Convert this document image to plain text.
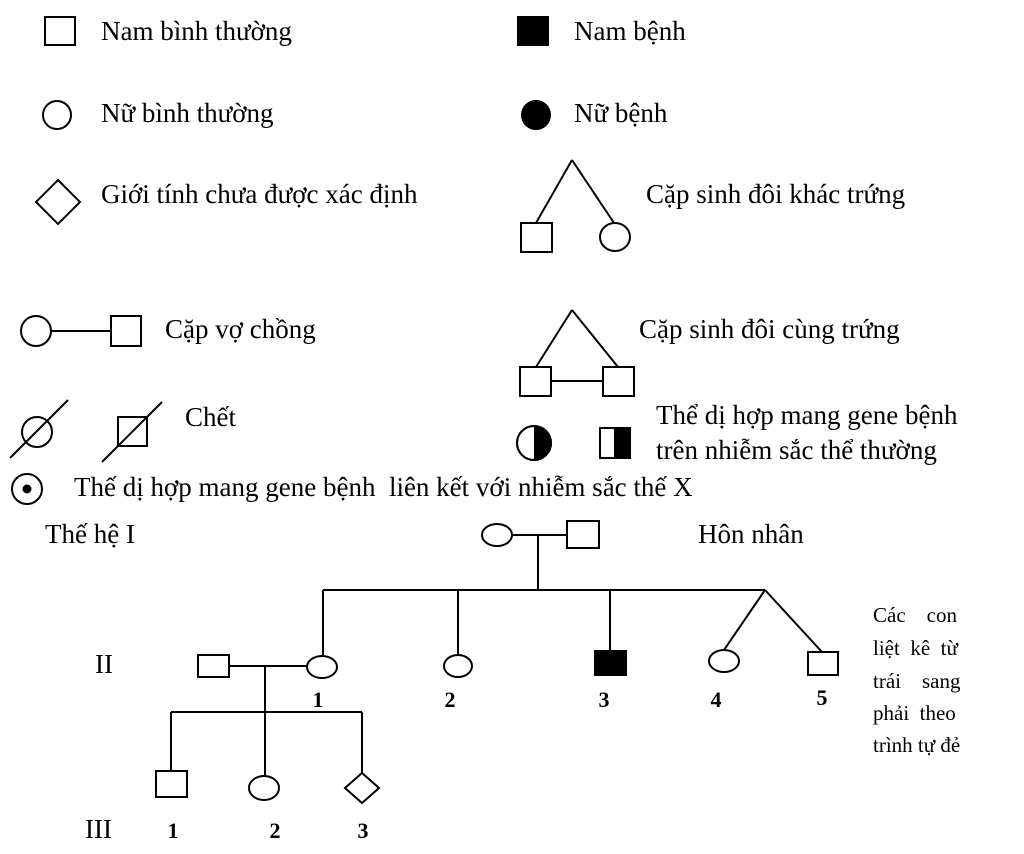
Nam bình thường	Nam bệnh
Nữ bình thường	Nữ bệnh
Giới tính chưa được xác định	Cặp sinh đôi khác trứng
Cặp vợ chồng	Cặp sinh đôi cùng trứng
Chết	Thể dị hợp mang gene bệnh
trên nhiễm sắc thể thường
Thế dị hợp mang gene bệnh  liên kết với nhiễm sắc thế X
Thế hệ I	Hôn nhân
II
III
1	2	3	4	5
1	2	3
Các    con
liệt  kê  từ
trái    sang
phải  theo
trình tự đẻ
